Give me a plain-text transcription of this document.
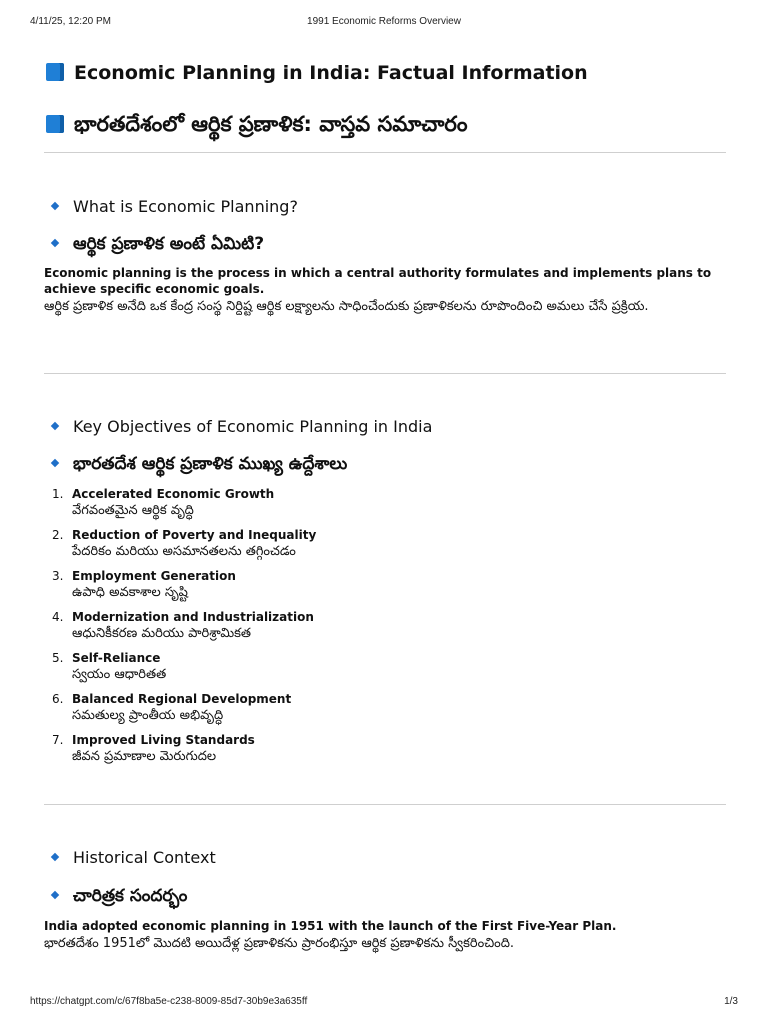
4/11/25, 12:20 PM	1991 Economic Reforms Overview
Economic Planning in India: Factual Information
భారతదేశంలో ఆర్థిక ప్రణాళిక: వాస్తవ సమాచారం
What is Economic Planning?
ఆర్థిక ప్రణాళిక అంటే ఏమిటి?
Economic planning is the process in which a central authority formulates and implements plans to achieve specific economic goals.
ఆర్థిక ప్రణాళిక అనేది ఒక కేంద్ర సంస్థ నిర్దిష్ట ఆర్థిక లక్ష్యాలను సాధించేందుకు ప్రణాళికలను రూపొందించి అమలు చేసే ప్రక్రియ.
Key Objectives of Economic Planning in India
భారతదేశ ఆర్థిక ప్రణాళిక ముఖ్య ఉద్దేశాలు
1. Accelerated Economic Growth
వేగవంతమైన ఆర్థిక వృద్ధి
2. Reduction of Poverty and Inequality
పేదరికం మరియు అసమానతలను తగ్గించడం
3. Employment Generation
ఉపాధి అవకాశాల సృష్టి
4. Modernization and Industrialization
ఆధునికీకరణ మరియు పారిశ్రామికత
5. Self-Reliance
స్వయం ఆధారితత
6. Balanced Regional Development
సమతుల్య ప్రాంతీయ అభివృద్ధి
7. Improved Living Standards
జీవన ప్రమాణాల మెరుగుదల
Historical Context
చారిత్రక సందర్భం
India adopted economic planning in 1951 with the launch of the First Five-Year Plan.
భారతదేశం 1951లో మొదటి అయిదేళ్ల ప్రణాళికను ప్రారంభిస్తూ ఆర్థిక ప్రణాళికను స్వీకరించింది.
https://chatgpt.com/c/67f8ba5e-c238-8009-85d7-30b9e3a635ff	1/3
